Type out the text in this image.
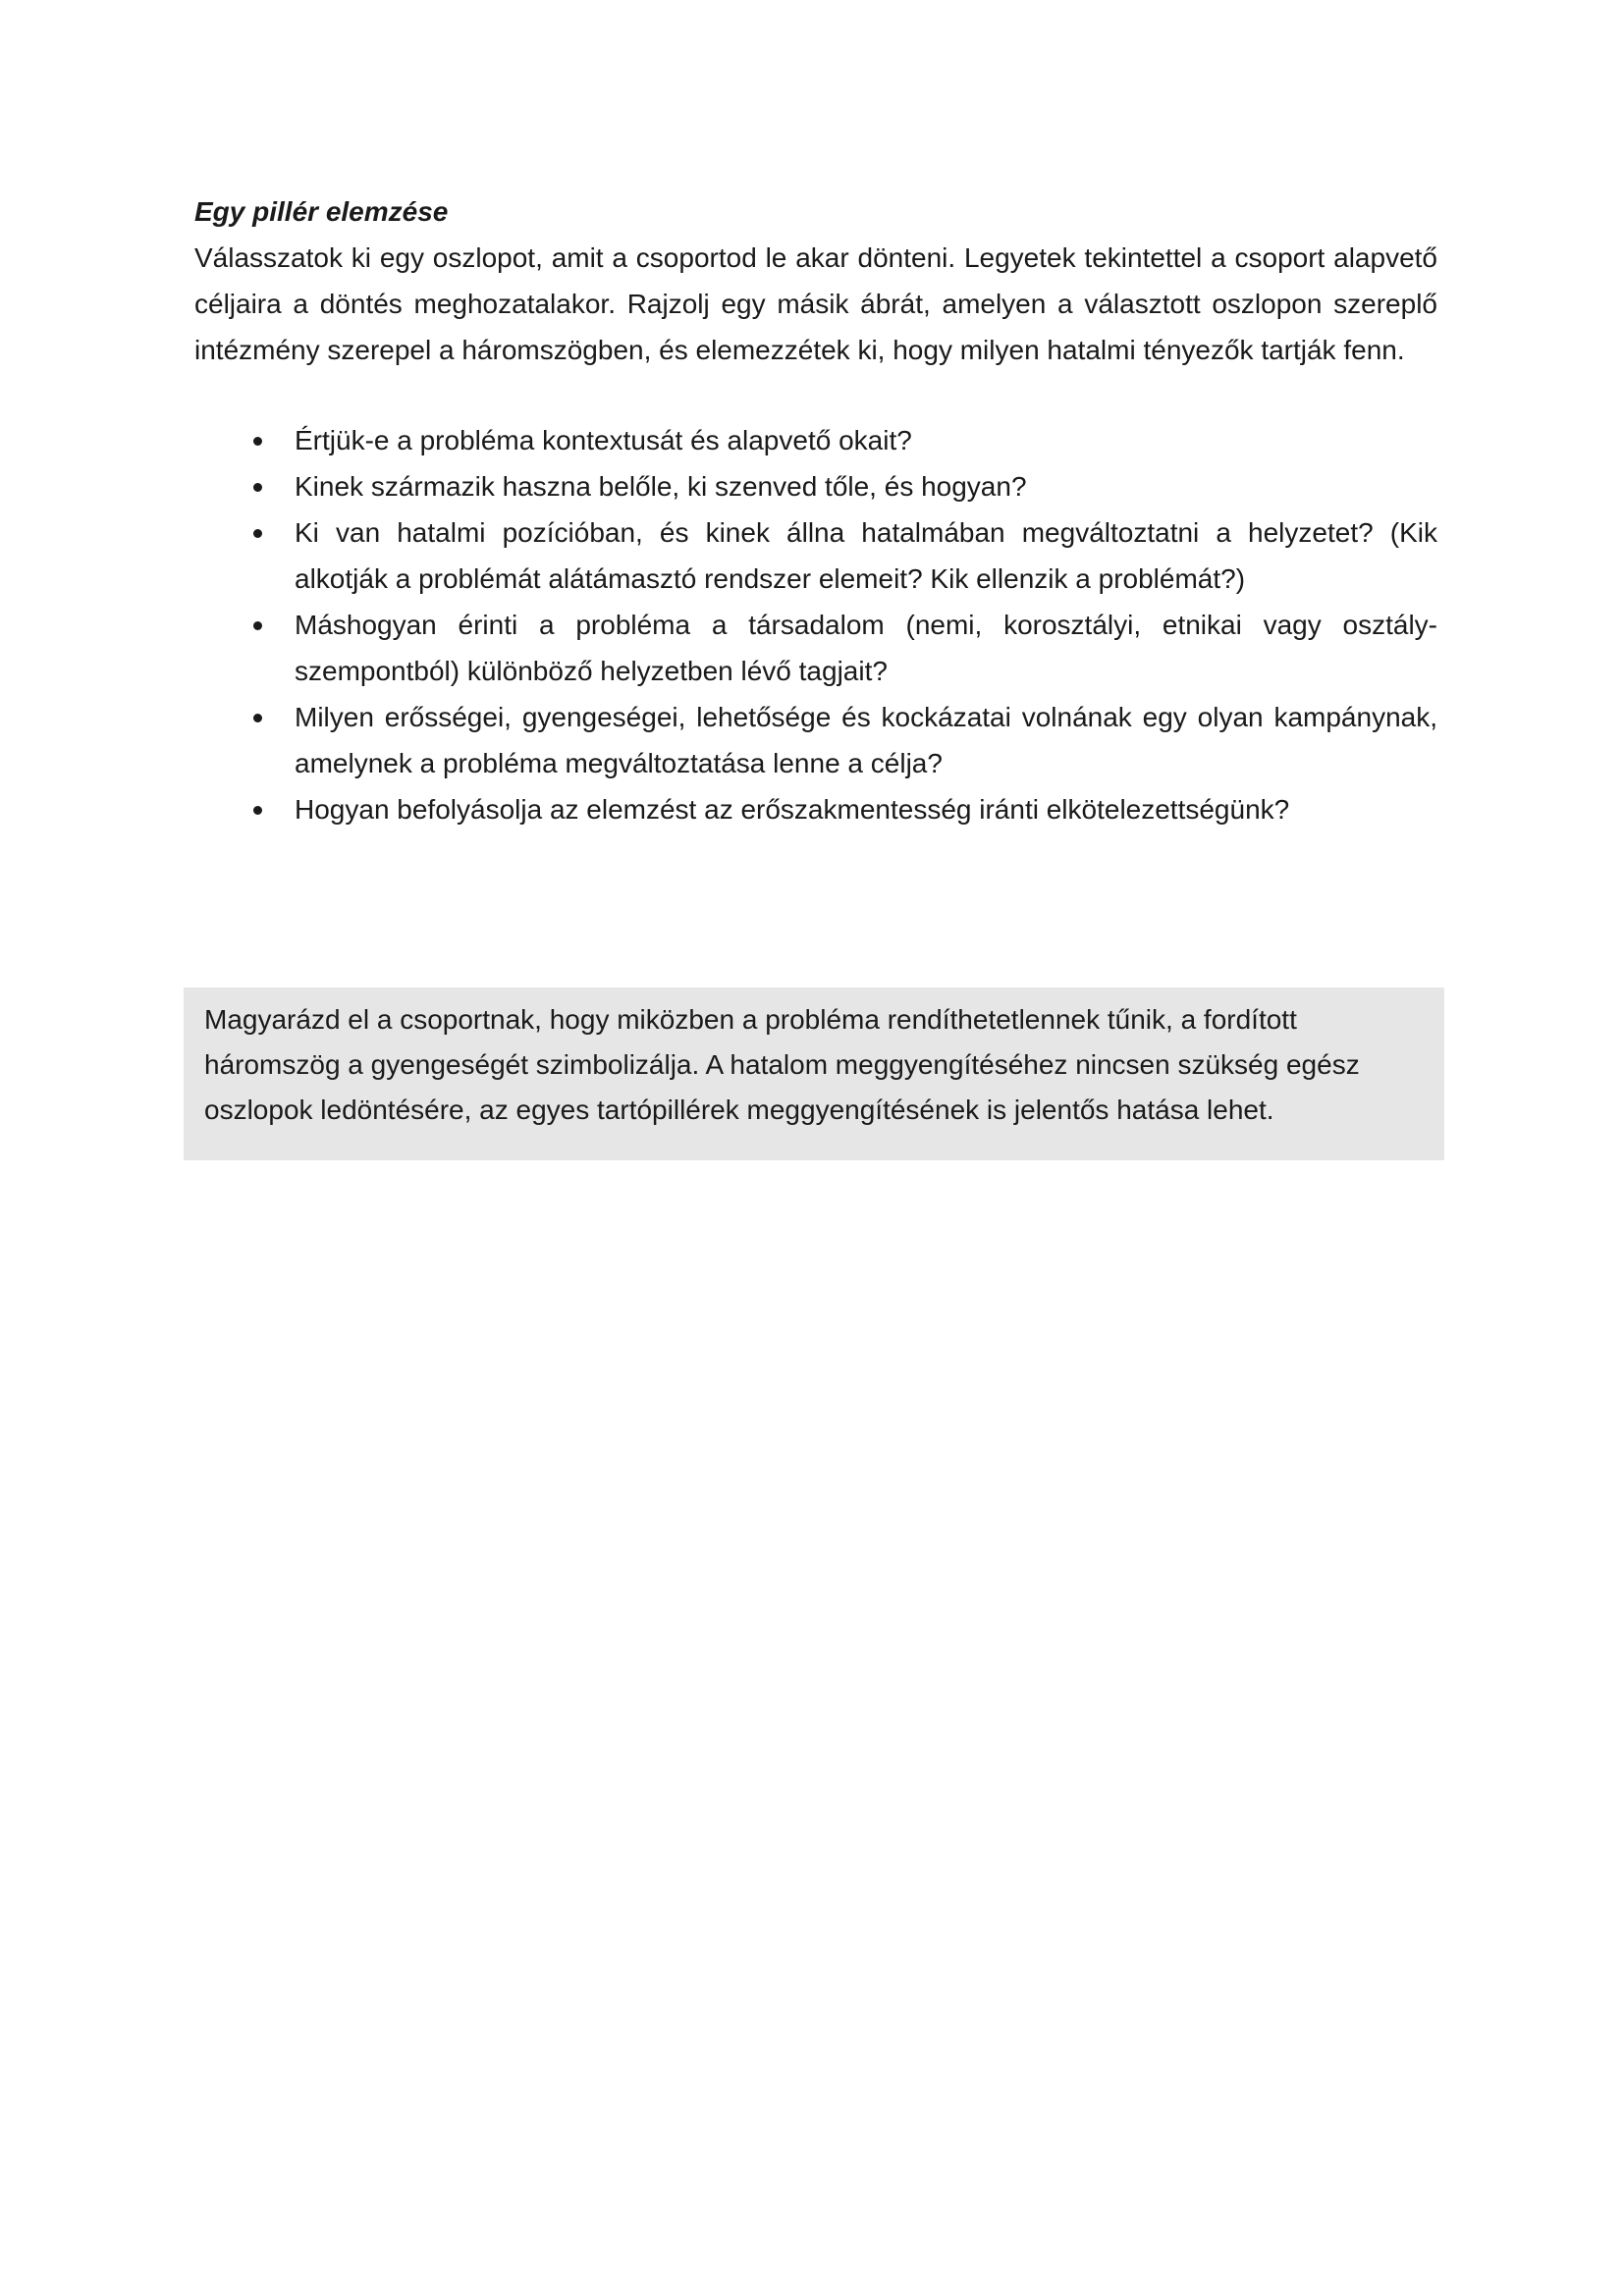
Egy pillér elemzése

Válasszatok ki egy oszlopot, amit a csoportod le akar dönteni. Legyetek tekintettel a csoport alapvető céljaira a döntés meghozatalakor. Rajzolj egy másik ábrát, amelyen a választott oszlopon szereplő intézmény szerepel a háromszögben, és elemezzétek ki, hogy milyen hatalmi tényezők tartják fenn.

Értjük-e a probléma kontextusát és alapvető okait?
Kinek származik haszna belőle, ki szenved tőle, és hogyan?
Ki van hatalmi pozícióban, és kinek állna hatalmában megváltoztatni a helyzetet? (Kik alkotják a problémát alátámasztó rendszer elemeit? Kik ellenzik a problémát?)
Máshogyan érinti a probléma a társadalom (nemi, korosztályi, etnikai vagy osztály-szempontból) különböző helyzetben lévő tagjait?
Milyen erősségei, gyengeségei, lehetősége és kockázatai volnának egy olyan kampánynak, amelynek a probléma megváltoztatása lenne a célja?
Hogyan befolyásolja az elemzést az erőszakmentesség iránti elkötelezettségünk?

Magyarázd el a csoportnak, hogy miközben a probléma rendíthetetlennek tűnik, a fordított
háromszög a gyengeségét szimbolizálja. A hatalom meggyengítéséhez nincsen szükség egész
oszlopok ledöntésére, az egyes tartópillérek meggyengítésének is jelentős hatása lehet.
